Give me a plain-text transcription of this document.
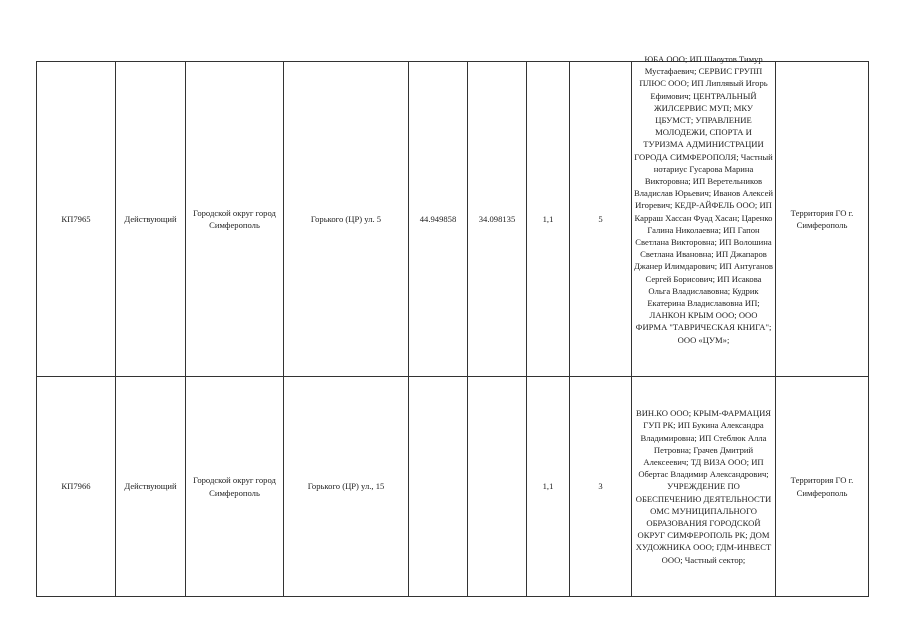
КП7965	Действующий	Городской округ город Симферополь	Горького (ЦР) ул. 5	44.949858	34.098135	1,1	5	ЮБА ООО; ИП Шаоутов Тимур Мустафаевич; СЕРВИС ГРУПП ПЛЮС ООО; ИП Липлявый Игорь Ефимович; ЦЕНТРАЛЬНЫЙ ЖИЛСЕРВИС МУП; МКУ ЦБУМСТ; УПРАВЛЕНИЕ МОЛОДЕЖИ, СПОРТА И ТУРИЗМА АДМИНИСТРАЦИИ ГОРОДА СИМФЕРОПОЛЯ; Частный нотариус Гусарова Марина Викторовна; ИП Веретельников Владислав Юрьевич; Иванов Алексей Игоревич; КЕДР-АЙФЕЛЬ ООО; ИП Карраш Хассан Фуад Хасан; Царенко Галина Николаевна; ИП Гапон Светлана Викторовна; ИП Волошина Светлана Ивановна; ИП Джапаров Джанер Илимдарович; ИП Антуганов Сергей Борисович; ИП Исакова Ольга Владиславовна; Кудрик Екатерина Владиславовна ИП; ЛАНКОН КРЫМ ООО; ООО ФИРМА "ТАВРИЧЕСКАЯ КНИГА"; ООО «ЦУМ»;	Территория ГО г. Симферополь
КП7966	Действующий	Городской округ город Симферополь	Горького (ЦР) ул., 15			1,1	3	ВИН.КО ООО; КРЫМ-ФАРМАЦИЯ ГУП РК; ИП Букина Александра Владимировна; ИП Стеблюк Алла Петровна; Грачев Дмитрий Алексеевич; ТД ВИЗА ООО; ИП Обертас Владимир Александрович; УЧРЕЖДЕНИЕ ПО ОБЕСПЕЧЕНИЮ ДЕЯТЕЛЬНОСТИ ОМС МУНИЦИПАЛЬНОГО ОБРАЗОВАНИЯ ГОРОДСКОЙ ОКРУГ СИМФЕРОПОЛЬ РК; ДОМ ХУДОЖНИКА ООО; ГДМ-ИНВЕСТ ООО; Частный сектор;	Территория ГО г. Симферополь
